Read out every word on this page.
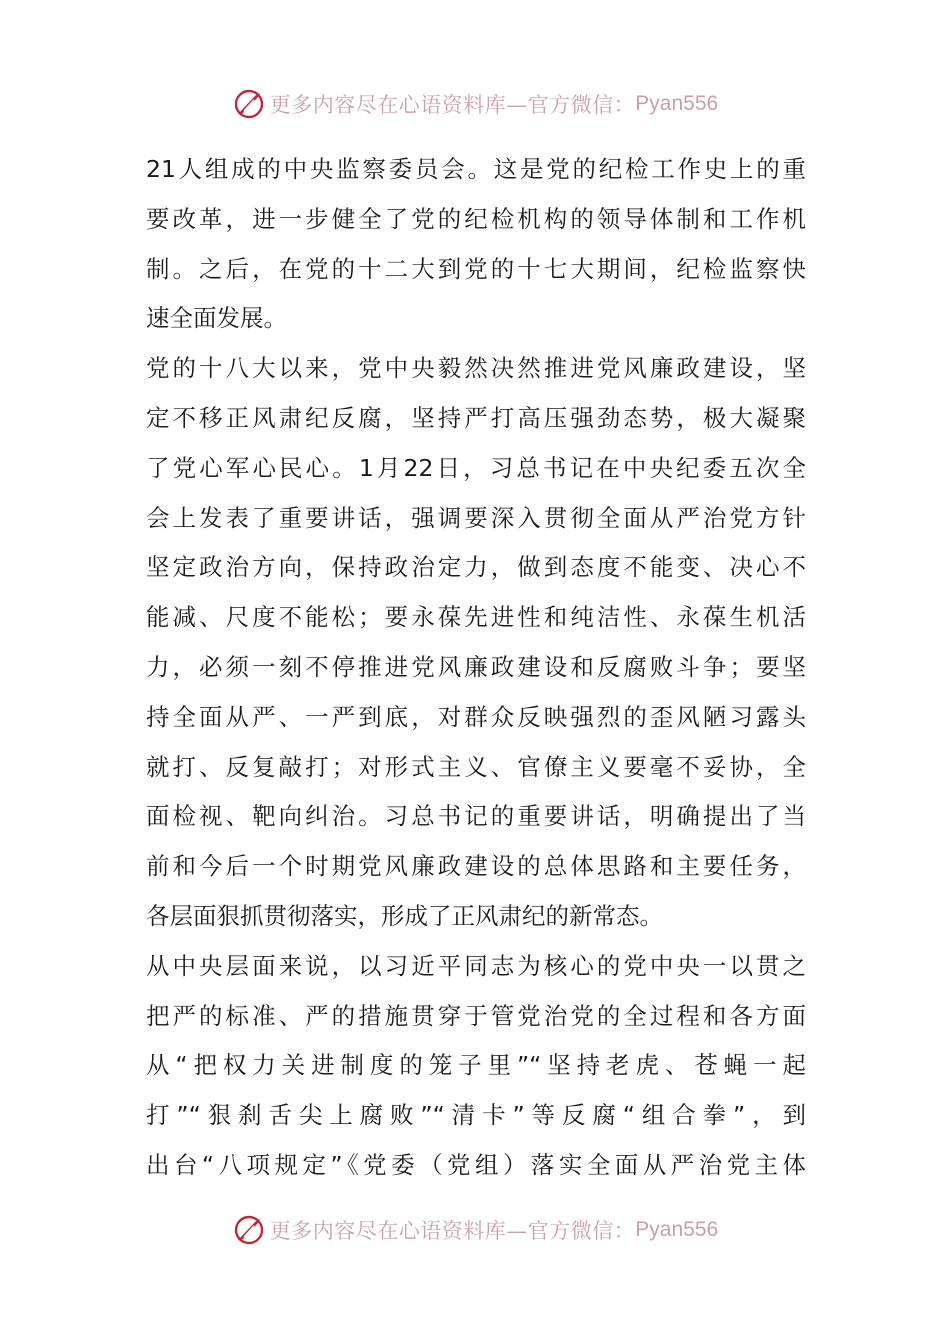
更多内容尽在心语资料库—官方微信： Pyan556
21人组成的中央监察委员会。这是党的纪检工作史上的重
要改革，进一步健全了党的纪检机构的领导体制和工作机
制。之后，在党的十二大到党的十七大期间，纪检监察快
速全面发展。
党的十八大以来，党中央毅然决然推进党风廉政建设，坚
定不移正风肃纪反腐，坚持严打高压强劲态势，极大凝聚
了党心军心民心。1月22日，习总书记在中央纪委五次全
会上发表了重要讲话，强调要深入贯彻全面从严治党方针
坚定政治方向，保持政治定力，做到态度不能变、决心不
能减、尺度不能松；要永葆先进性和纯洁性、永葆生机活
力，必须一刻不停推进党风廉政建设和反腐败斗争；要坚
持全面从严、一严到底，对群众反映强烈的歪风陋习露头
就打、反复敲打；对形式主义、官僚主义要毫不妥协，全
面检视、靶向纠治。习总书记的重要讲话，明确提出了当
前和今后一个时期党风廉政建设的总体思路和主要任务，
各层面狠抓贯彻落实，形成了正风肃纪的新常态。
从中央层面来说，以习近平同志为核心的党中央一以贯之
把严的标准、严的措施贯穿于管党治党的全过程和各方面
从“把权力关进制度的笼子里”“坚持老虎、苍蝇一起
打”“狠刹舌尖上腐败”“清卡”等反腐“组合拳”，到
出台“八项规定”《党委（党组）落实全面从严治党主体
更多内容尽在心语资料库—官方微信： Pyan556
